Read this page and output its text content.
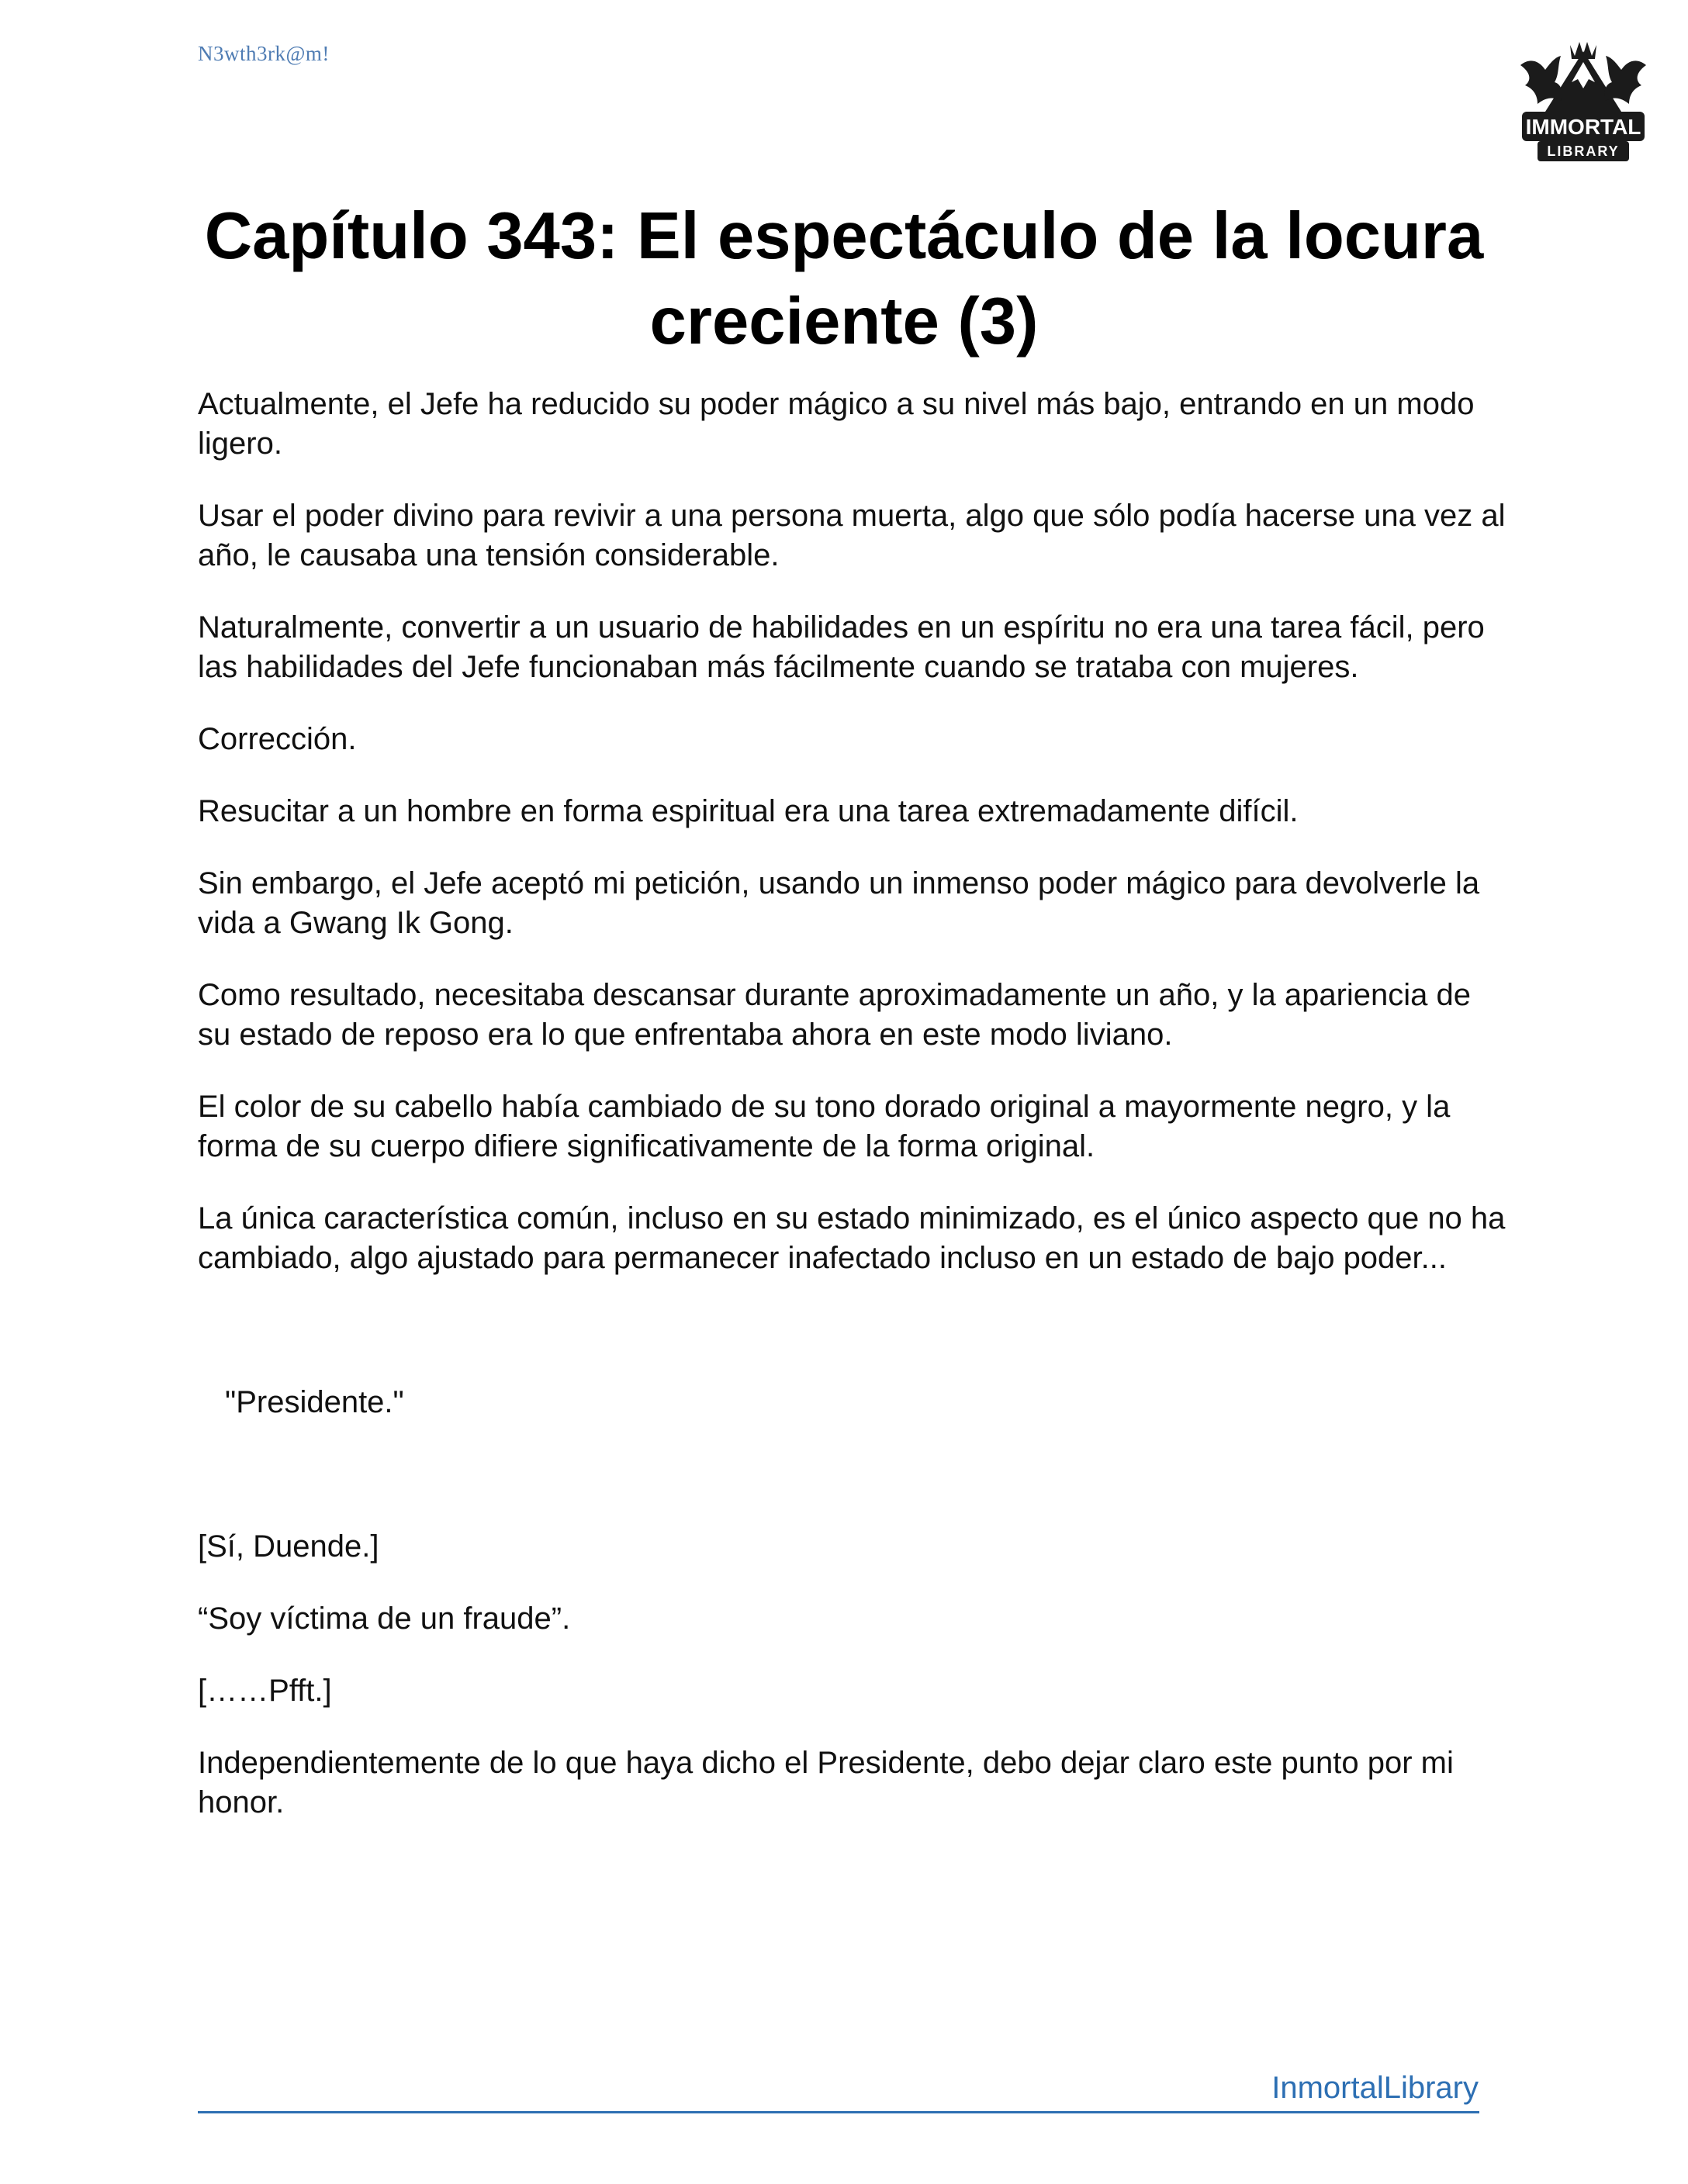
N3wth3rk@m!
IMMORTAL
LIBRARY
Capítulo 343: El espectáculo de la locura creciente (3)

Actualmente, el Jefe ha reducido su poder mágico a su nivel más bajo, entrando en un modo ligero.

Usar el poder divino para revivir a una persona muerta, algo que sólo podía hacerse una vez al año, le causaba una tensión considerable.

Naturalmente, convertir a un usuario de habilidades en un espíritu no era una tarea fácil, pero las habilidades del Jefe funcionaban más fácilmente cuando se trataba con mujeres.

Corrección.

Resucitar a un hombre en forma espiritual era una tarea extremadamente difícil.

Sin embargo, el Jefe aceptó mi petición, usando un inmenso poder mágico para devolverle la vida a Gwang Ik Gong.

Como resultado, necesitaba descansar durante aproximadamente un año, y la apariencia de su estado de reposo era lo que enfrentaba ahora en este modo liviano.

El color de su cabello había cambiado de su tono dorado original a mayormente negro, y la forma de su cuerpo difiere significativamente de la forma original.

La única característica común, incluso en su estado minimizado, es el único aspecto que no ha cambiado, algo ajustado para permanecer inafectado incluso en un estado de bajo poder...

"Presidente."

[Sí, Duende.]

“Soy víctima de un fraude”.

[……Pfft.]

Independientemente de lo que haya dicho el Presidente, debo dejar claro este punto por mi honor.

InmortalLibrary
